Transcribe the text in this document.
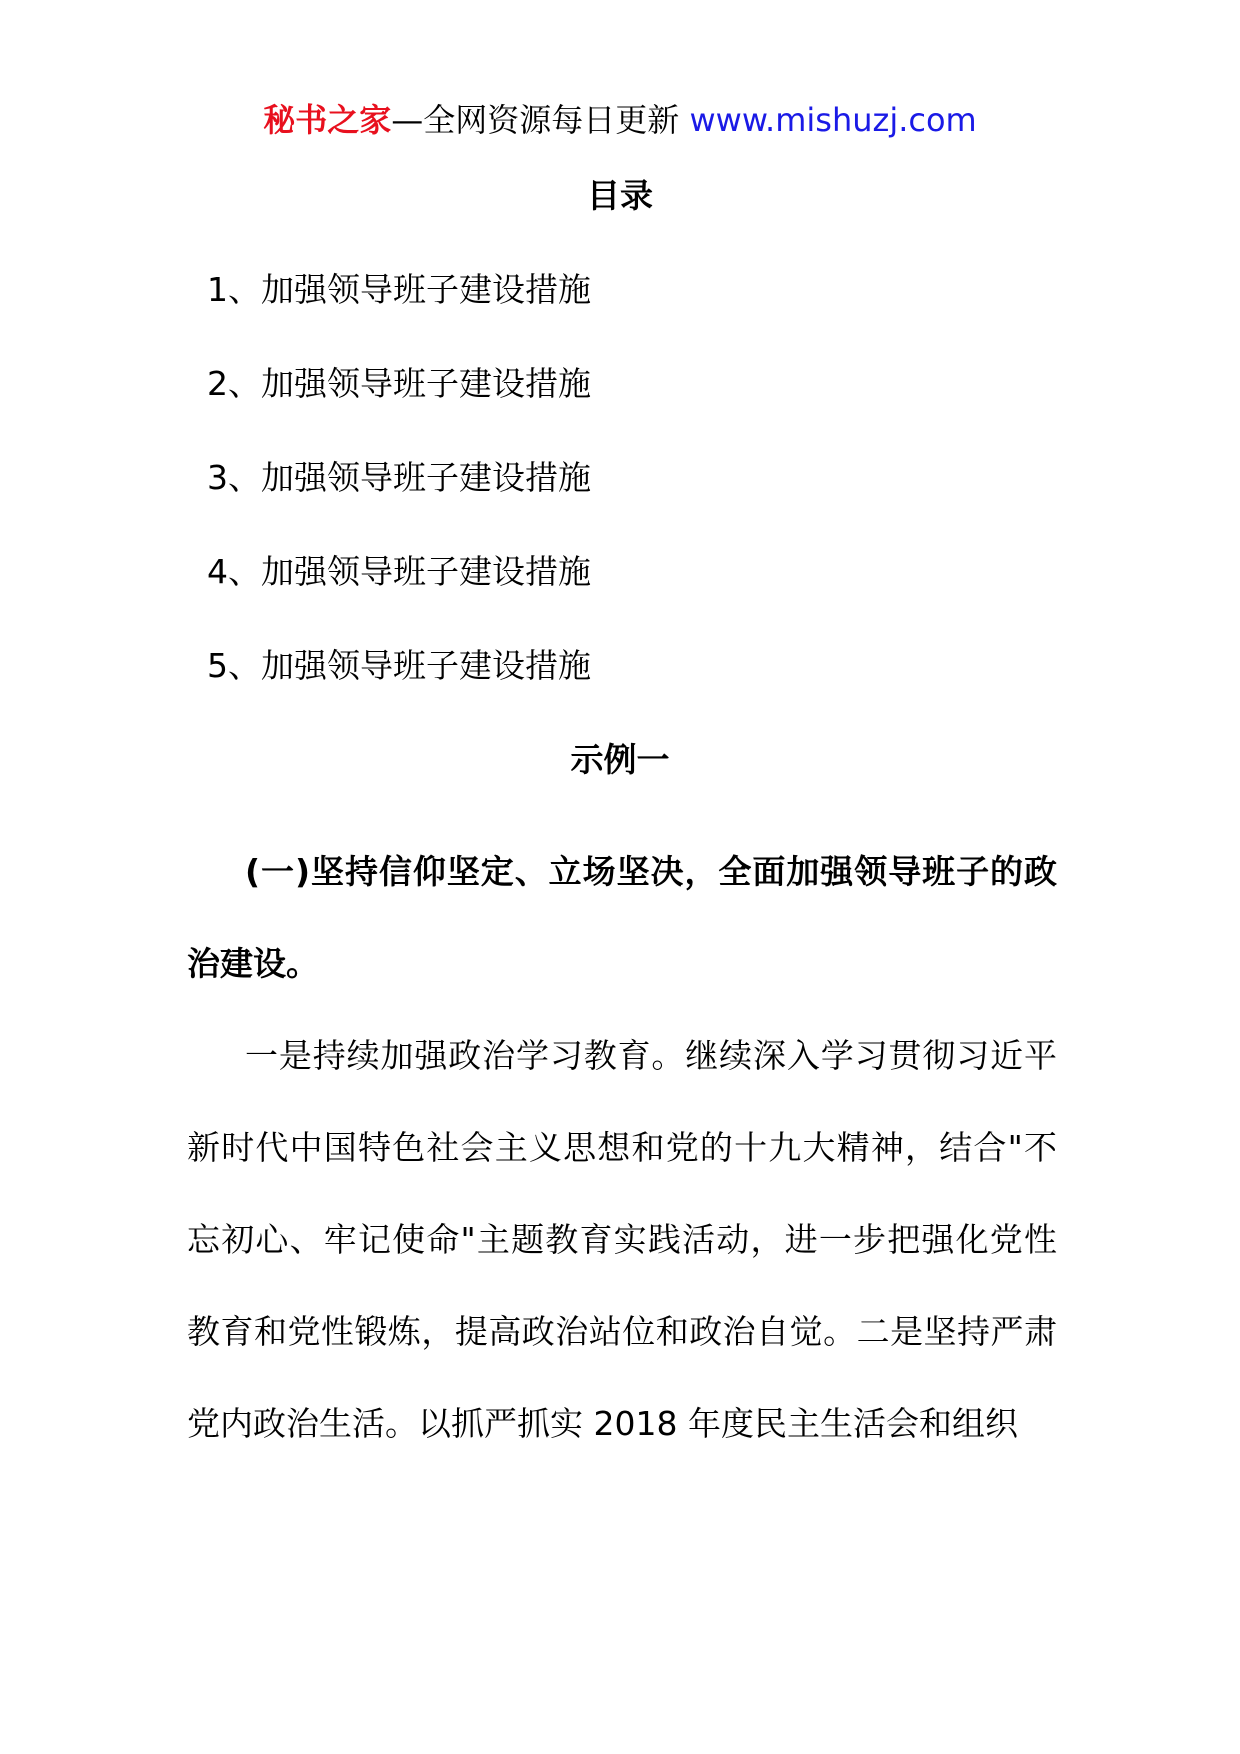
秘书之家—全网资源每日更新 www.mishuzj.com
目录
1、加强领导班子建设措施
2、加强领导班子建设措施
3、加强领导班子建设措施
4、加强领导班子建设措施
5、加强领导班子建设措施
示例一

(一)坚持信仰坚定、立场坚决，全面加强领导班子的政治建设。

一是持续加强政治学习教育。继续深入学习贯彻习近平新时代中国特色社会主义思想和党的十九大精神，结合"不忘初心、牢记使命"主题教育实践活动，进一步把强化党性教育和党性锻炼，提高政治站位和政治自觉。二是坚持严肃党内政治生活。以抓严抓实 2018 年度民主生活会和组织
